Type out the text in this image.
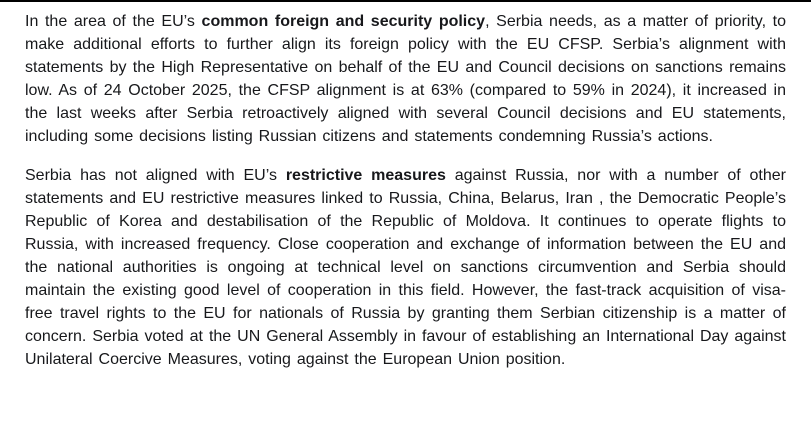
In the area of the EU’s common foreign and security policy, Serbia needs, as a matter of priority, to make additional efforts to further align its foreign policy with the EU CFSP. Serbia’s alignment with statements by the High Representative on behalf of the EU and Council decisions on sanctions remains low. As of 24 October 2025, the CFSP alignment is at 63% (compared to 59% in 2024), it increased in the last weeks after Serbia retroactively aligned with several Council decisions and EU statements, including some decisions listing Russian citizens and statements condemning Russia’s actions.

Serbia has not aligned with EU’s restrictive measures against Russia, nor with a number of other statements and EU restrictive measures linked to Russia, China, Belarus, Iran , the Democratic People’s Republic of Korea and destabilisation of the Republic of Moldova. It continues to operate flights to Russia, with increased frequency. Close cooperation and exchange of information between the EU and the national authorities is ongoing at technical level on sanctions circumvention and Serbia should maintain the existing good level of cooperation in this field. However, the fast-track acquisition of visa-free travel rights to the EU for nationals of Russia by granting them Serbian citizenship is a matter of concern. Serbia voted at the UN General Assembly in favour of establishing an International Day against Unilateral Coercive Measures, voting against the European Union position.
